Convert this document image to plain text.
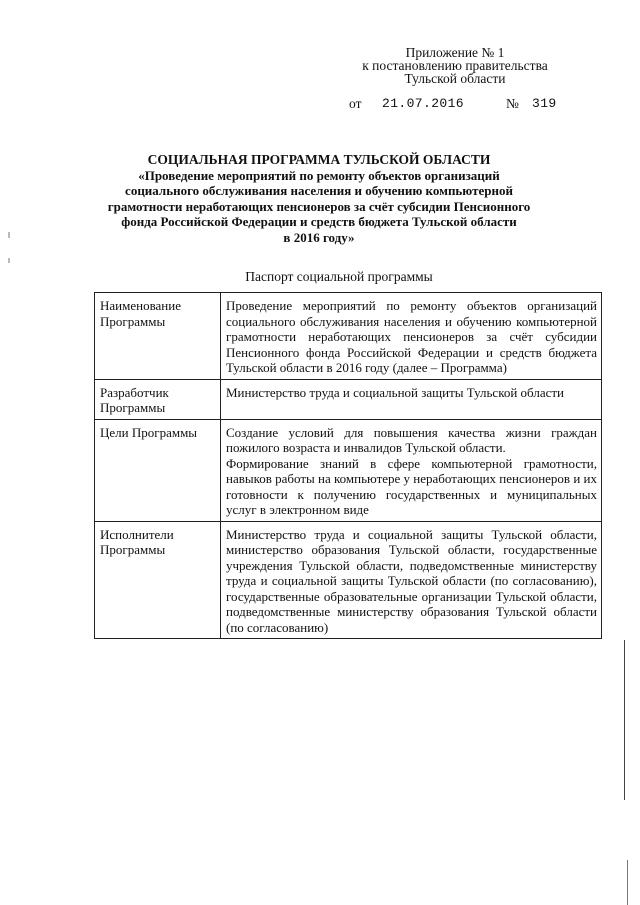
Приложение № 1
к постановлению правительства
Тульской области
от 21.07.2016	№ 319
СОЦИАЛЬНАЯ ПРОГРАММА ТУЛЬСКОЙ ОБЛАСТИ
«Проведение мероприятий по ремонту объектов организаций
социального обслуживания населения и обучению компьютерной
грамотности неработающих пенсионеров за счёт субсидии Пенсионного
фонда Российской Федерации и средств бюджета Тульской области
в 2016 году»
Паспорт социальной программы
Наименование Программы	Проведение мероприятий по ремонту объектов организаций социального обслуживания населения и обучению компьютерной грамотности неработающих пенсионеров за счёт субсидии Пенсионного фонда Российской Федерации и средств бюджета Тульской области в 2016 году (далее – Программа)
Разработчик Программы	Министерство труда и социальной защиты Тульской области
Цели Программы	Создание условий для повышения качества жизни граждан пожилого возраста и инвалидов Тульской области.

Формирование знаний в сфере компьютерной грамотности, навыков работы на компьютере у неработающих пенсионеров и их готовности к получению государственных и муниципальных услуг в электронном виде

Исполнители Программы	Министерство труда и социальной защиты Тульской области, министерство образования Тульской области, государственные учреждения Тульской области, подведомственные министерству труда и социальной защиты Тульской области (по согласованию), государственные образовательные организации Тульской области, подведомственные министерству образования Тульской области (по согласованию)
